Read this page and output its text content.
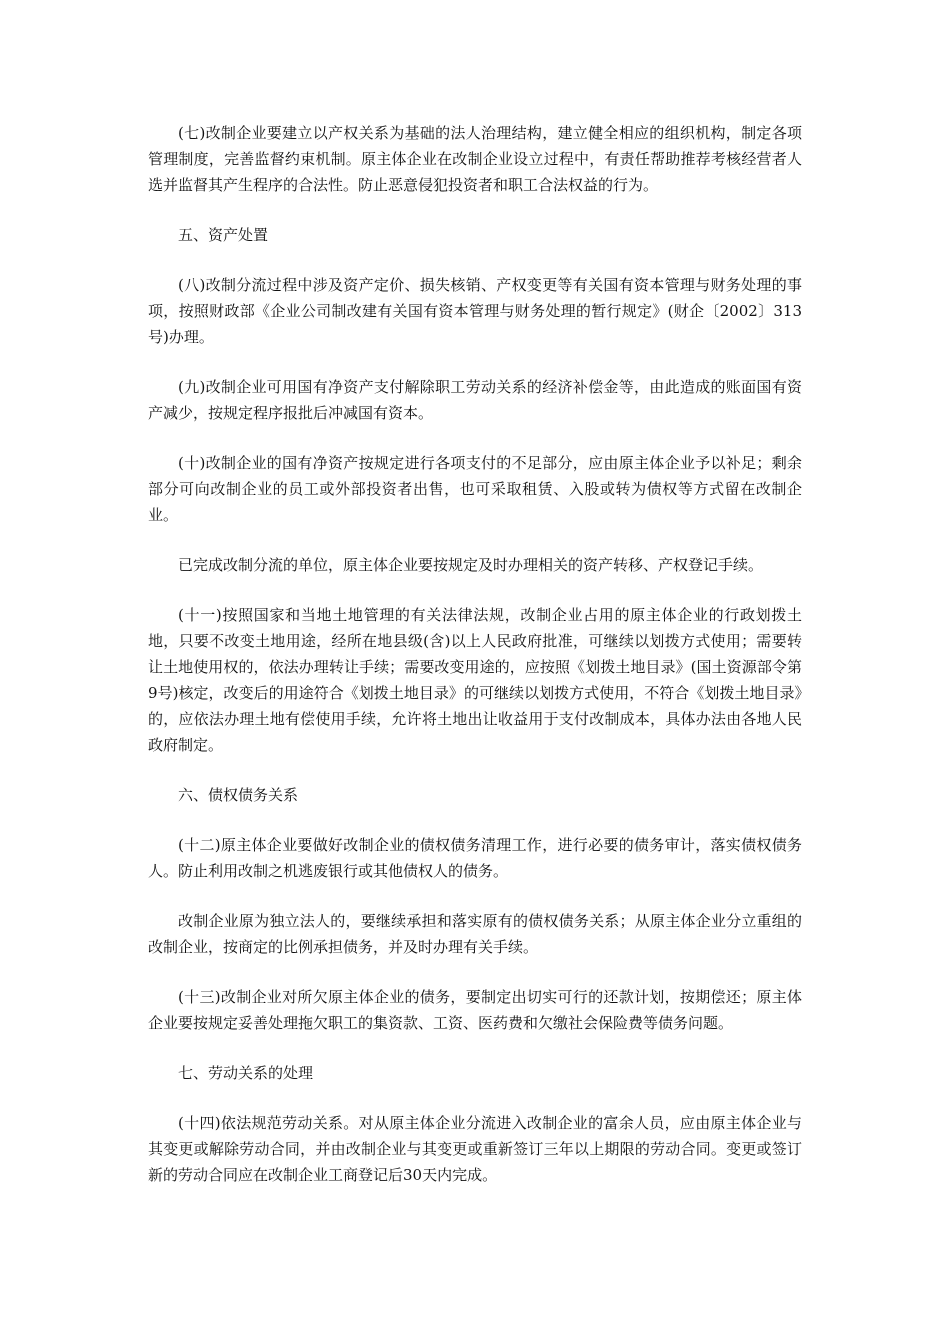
(七)改制企业要建立以产权关系为基础的法人治理结构，建立健全相应的组织机构，制定各项管理制度，完善监督约束机制。原主体企业在改制企业设立过程中，有责任帮助推荐考核经营者人选并监督其产生程序的合法性。防止恶意侵犯投资者和职工合法权益的行为。

五、资产处置

(八)改制分流过程中涉及资产定价、损失核销、产权变更等有关国有资本管理与财务处理的事项，按照财政部《企业公司制改建有关国有资本管理与财务处理的暂行规定》(财企〔2002〕313号)办理。

(九)改制企业可用国有净资产支付解除职工劳动关系的经济补偿金等，由此造成的账面国有资产减少，按规定程序报批后冲减国有资本。

(十)改制企业的国有净资产按规定进行各项支付的不足部分，应由原主体企业予以补足；剩余部分可向改制企业的员工或外部投资者出售，也可采取租赁、入股或转为债权等方式留在改制企业。

已完成改制分流的单位，原主体企业要按规定及时办理相关的资产转移、产权登记手续。

(十一)按照国家和当地土地管理的有关法律法规，改制企业占用的原主体企业的行政划拨土地，只要不改变土地用途，经所在地县级(含)以上人民政府批准，可继续以划拨方式使用；需要转让土地使用权的，依法办理转让手续；需要改变用途的，应按照《划拨土地目录》(国土资源部令第9号)核定，改变后的用途符合《划拨土地目录》的可继续以划拨方式使用，不符合《划拨土地目录》的，应依法办理土地有偿使用手续，允许将土地出让收益用于支付改制成本，具体办法由各地人民政府制定。

六、债权债务关系

(十二)原主体企业要做好改制企业的债权债务清理工作，进行必要的债务审计，落实债权债务人。防止利用改制之机逃废银行或其他债权人的债务。

改制企业原为独立法人的，要继续承担和落实原有的债权债务关系；从原主体企业分立重组的改制企业，按商定的比例承担债务，并及时办理有关手续。

(十三)改制企业对所欠原主体企业的债务，要制定出切实可行的还款计划，按期偿还；原主体企业要按规定妥善处理拖欠职工的集资款、工资、医药费和欠缴社会保险费等债务问题。

七、劳动关系的处理

(十四)依法规范劳动关系。对从原主体企业分流进入改制企业的富余人员，应由原主体企业与其变更或解除劳动合同，并由改制企业与其变更或重新签订三年以上期限的劳动合同。变更或签订新的劳动合同应在改制企业工商登记后30天内完成。
